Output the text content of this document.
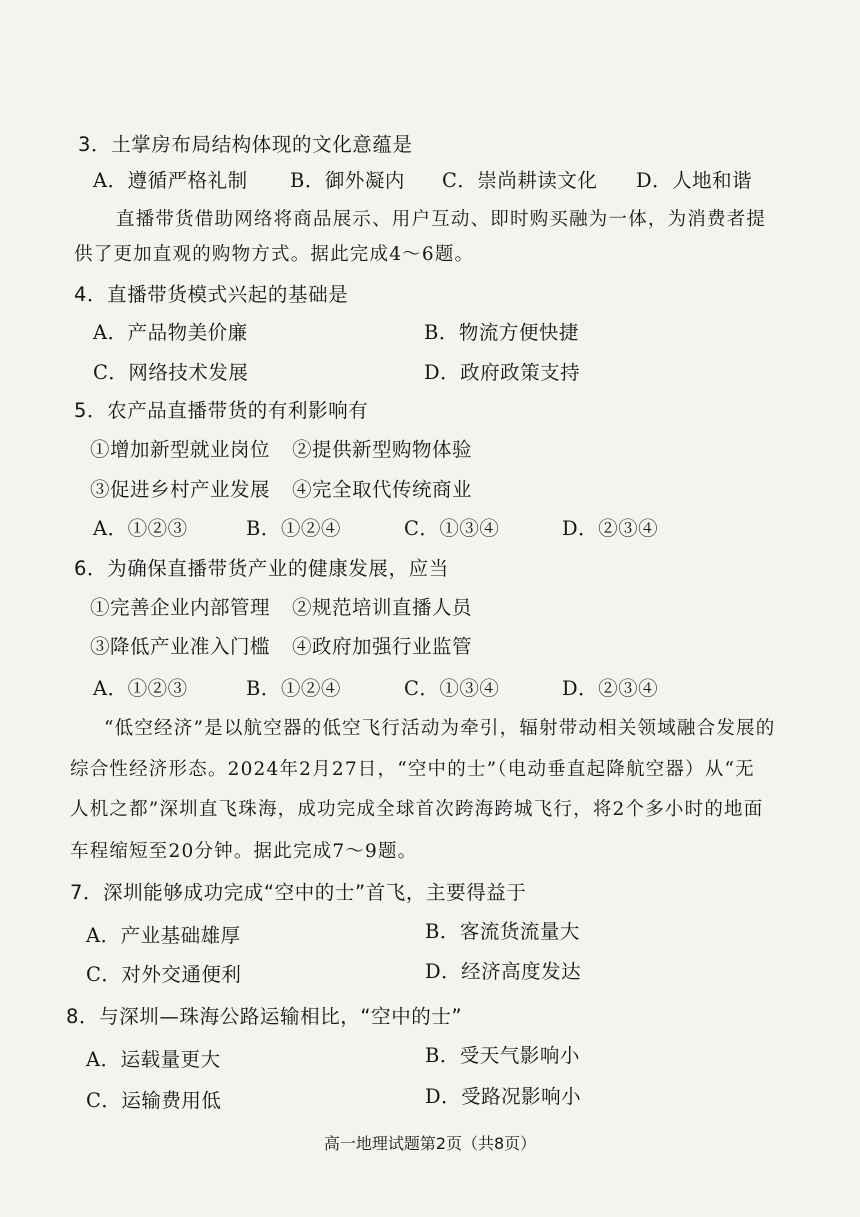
3．土掌房布局结构体现的文化意蕴是
A．遵循严格礼制 B．御外凝内 C．崇尚耕读文化 D．人地和谐
直播带货借助网络将商品展示、用户互动、即时购买融为一体，为消费者提
供了更加直观的购物方式。据此完成4～6题。
4．直播带货模式兴起的基础是
A．产品物美价廉	B．物流方便快捷
C．网络技术发展	D．政府政策支持
5．农产品直播带货的有利影响有
①增加新型就业岗位 ②提供新型购物体验
③促进乡村产业发展 ④完全取代传统商业
A．①②③	B．①②④	C．①③④	D．②③④
6．为确保直播带货产业的健康发展，应当
①完善企业内部管理 ②规范培训直播人员
③降低产业准入门槛 ④政府加强行业监管
A．①②③	B．①②④	C．①③④	D．②③④
“低空经济”是以航空器的低空飞行活动为牵引，辐射带动相关领域融合发展的
综合性经济形态。2024年2月27日，“空中的士”（电动垂直起降航空器）从“无
人机之都”深圳直飞珠海，成功完成全球首次跨海跨城飞行，将2个多小时的地面
车程缩短至20分钟。据此完成7～9题。
7．深圳能够成功完成“空中的士”首飞，主要得益于
A．产业基础雄厚	B．客流货流量大
C．对外交通便利	D．经济高度发达
8．与深圳—珠海公路运输相比，“空中的士”
A．运载量更大	B．受天气影响小
C．运输费用低	D．受路况影响小
高一地理试题第2页（共8页）
